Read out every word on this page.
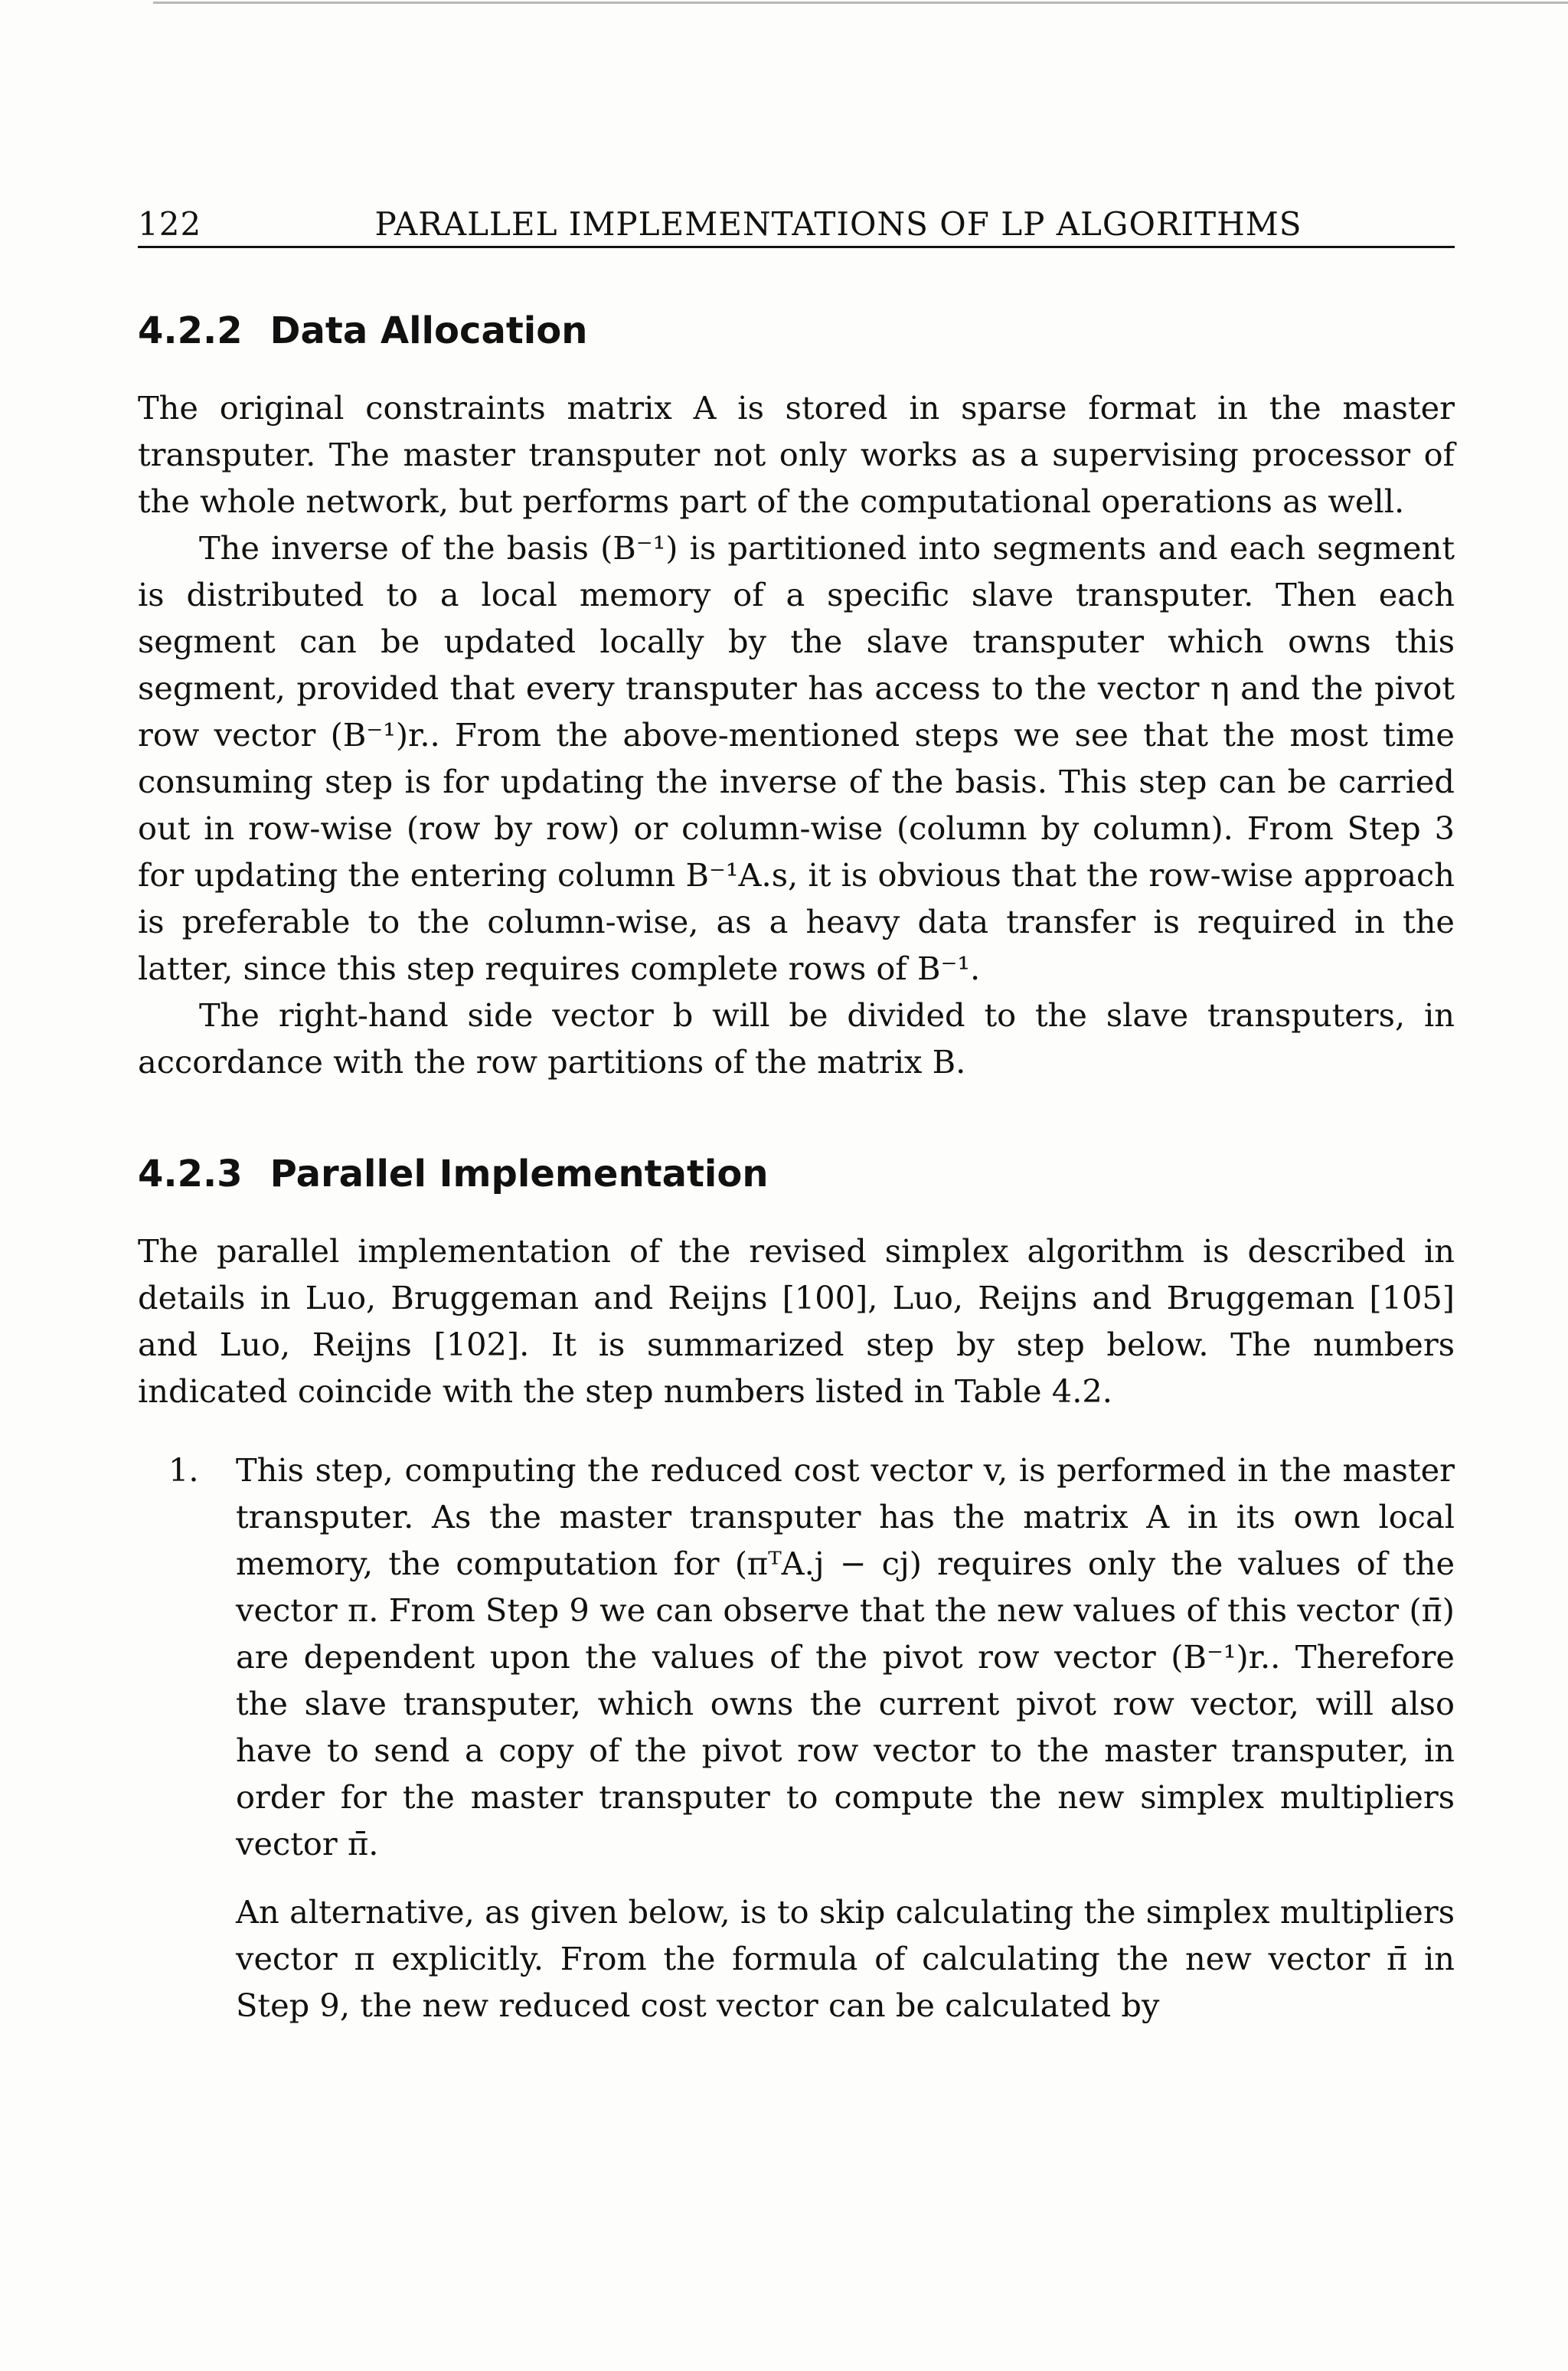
122	PARALLEL IMPLEMENTATIONS OF LP ALGORITHMS
4.2.2 Data Allocation

The original constraints matrix A is stored in sparse format in the master transputer. The master transputer not only works as a supervising processor of the whole network, but performs part of the computational operations as well.

The inverse of the basis (B⁻¹) is partitioned into segments and each segment is distributed to a local memory of a specific slave transputer. Then each segment can be updated locally by the slave transputer which owns this segment, provided that every transputer has access to the vector η and the pivot row vector (B⁻¹)r.. From the above-mentioned steps we see that the most time consuming step is for updating the inverse of the basis. This step can be carried out in row-wise (row by row) or column-wise (column by column). From Step 3 for updating the entering column B⁻¹A.s, it is obvious that the row-wise approach is preferable to the column-wise, as a heavy data transfer is required in the latter, since this step requires complete rows of B⁻¹.

The right-hand side vector b will be divided to the slave transputers, in accordance with the row partitions of the matrix B.

4.2.3 Parallel Implementation

The parallel implementation of the revised simplex algorithm is described in details in Luo, Bruggeman and Reijns [100], Luo, Reijns and Bruggeman [105] and Luo, Reijns [102]. It is summarized step by step below. The numbers indicated coincide with the step numbers listed in Table 4.2.

1. This step, computing the reduced cost vector v, is performed in the master transputer. As the master transputer has the matrix A in its own local memory, the computation for (πᵀA.j − cj) requires only the values of the vector π. From Step 9 we can observe that the new values of this vector (π̄) are dependent upon the values of the pivot row vector (B⁻¹)r.. Therefore the slave transputer, which owns the current pivot row vector, will also have to send a copy of the pivot row vector to the master transputer, in order for the master transputer to compute the new simplex multipliers vector π̄.

An alternative, as given below, is to skip calculating the simplex multipliers vector π explicitly. From the formula of calculating the new vector π̄ in Step 9, the new reduced cost vector can be calculated by
